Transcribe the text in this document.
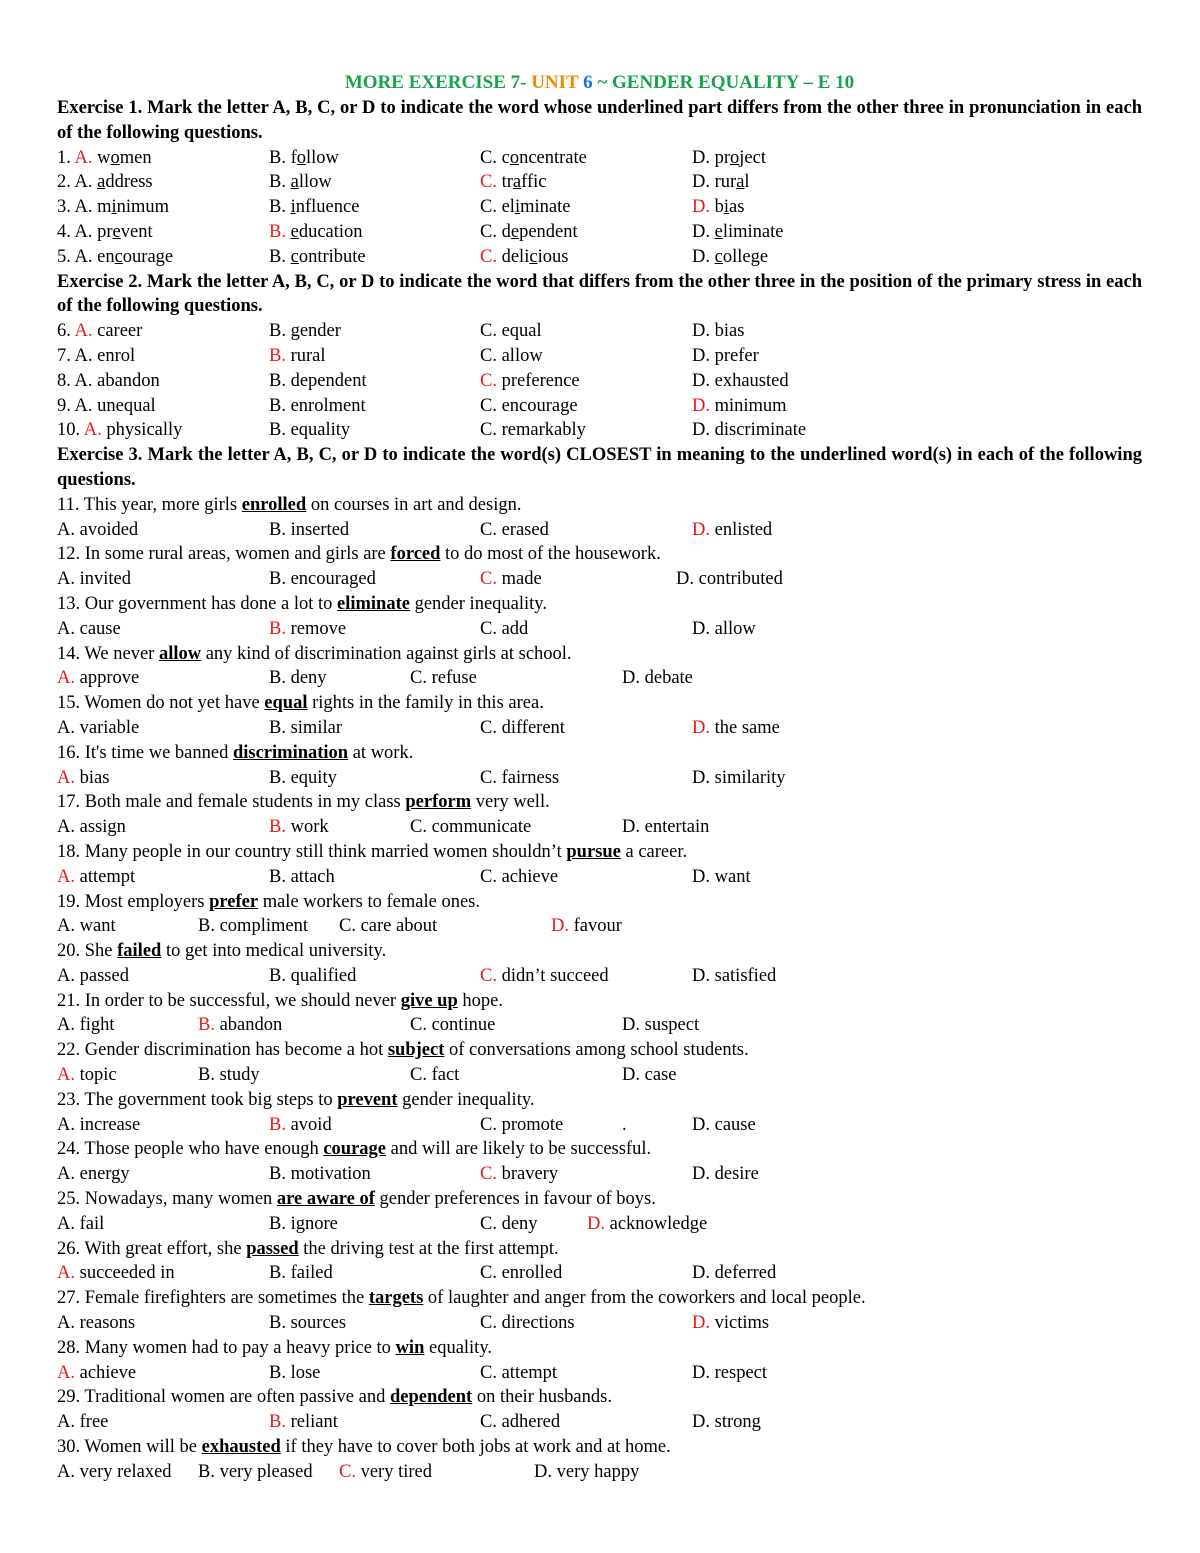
MORE EXERCISE 7- UNIT 6 ~ GENDER EQUALITY – E 10
Exercise 1. Mark the letter A, B, C, or D to indicate the word whose underlined part differs from the other three in pronunciation in each of the following questions.
1. A. women	B. follow	C. concentrate	D. project
2. A. address	B. allow	C. traffic	D. rural
3. A. minimum	B. influence	C. eliminate	D. bias
4. A. prevent	B. education	C. dependent	D. eliminate
5. A. encourage	B. contribute	C. delicious	D. college
Exercise 2. Mark the letter A, B, C, or D to indicate the word that differs from the other three in the position of the primary stress in each of the following questions.
6. A. career	B. gender	C. equal	D. bias
7. A. enrol	B. rural	C. allow	D. prefer
8. A. abandon	B. dependent	C. preference	D. exhausted
9. A. unequal	B. enrolment	C. encourage	D. minimum
10. A. physically	B. equality	C. remarkably	D. discriminate
Exercise 3. Mark the letter A, B, C, or D to indicate the word(s) CLOSEST in meaning to the underlined word(s) in each of the following questions.
11. This year, more girls enrolled on courses in art and design.
A. avoided	B. inserted	C. erased	D. enlisted
12. In some rural areas, women and girls are forced to do most of the housework.
A. invited	B. encouraged	C. made	D. contributed
13. Our government has done a lot to eliminate gender inequality.
A. cause	B. remove	C. add	D. allow
14. We never allow any kind of discrimination against girls at school.
A. approve	B. deny	C. refuse	D. debate
15. Women do not yet have equal rights in the family in this area.
A. variable	B. similar	C. different	D. the same
16. It's time we banned discrimination at work.
A. bias	B. equity	C. fairness	D. similarity
17. Both male and female students in my class perform very well.
A. assign	B. work	C. communicate	D. entertain
18. Many people in our country still think married women shouldn’t pursue a career.
A. attempt	B. attach	C. achieve	D. want
19. Most employers prefer male workers to female ones.
A. want	B. compliment C. care about	D. favour
20. She failed to get into medical university.
A. passed	B. qualified	C. didn’t succeed	D. satisfied
21. In order to be successful, we should never give up hope.
A. fight	B. abandon	C. continue	D. suspect
22. Gender discrimination has become a hot subject of conversations among school students.
A. topic	B. study	C. fact	D. case
23. The government took big steps to prevent gender inequality.
A. increase	B. avoid	C. promote	D. cause
.
24. Those people who have enough courage and will are likely to be successful.
A. energy	B. motivation	C. bravery	D. desire
25. Nowadays, many women are aware of gender preferences in favour of boys.
A. fail	B. ignore	C. deny	D. acknowledge
26. With great effort, she passed the driving test at the first attempt.
A. succeeded in	B. failed	C. enrolled	D. deferred
27. Female firefighters are sometimes the targets of laughter and anger from the coworkers and local people.
A. reasons	B. sources	C. directions	D. victims
28. Many women had to pay a heavy price to win equality.
A. achieve	B. lose	C. attempt	D. respect
29. Traditional women are often passive and dependent on their husbands.
A. free	B. reliant	C. adhered	D. strong
30. Women will be exhausted if they have to cover both jobs at work and at home.
A. very relaxed B. very pleased C. very tired	D. very happy
